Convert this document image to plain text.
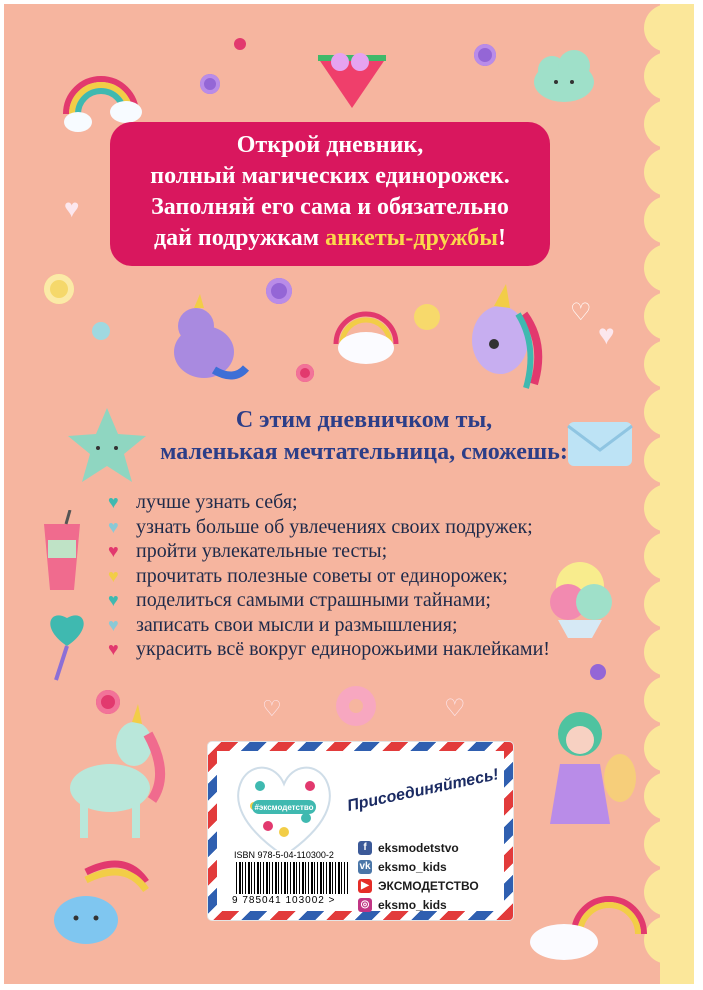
Открой дневник,
полный магических единорожек.
Заполняй его сама и обязательно
дай подружкам анкеты-дружбы!
♡
♥
♥
С этим дневничком ты,
маленькая мечтательница, сможешь:
♥ лучше узнать себя;
♥ узнать больше об увлечениях своих подружек;
♥ пройти увлекательные тесты;
♥ прочитать полезные советы от единорожек;
♥ поделиться самыми страшными тайнами;
♥ записать свои мысли и размышления;
♥ украсить всё вокруг единорожьими наклейками!
♡	♡
#эксмодетство
ISBN 978-5-04-110300-2
9 785041 103002 >
Присоединяйтесь!
f eksmodetstvo
vk eksmo_kids
▶ ЭКСМОДЕТСТВО
◎ eksmo_kids
